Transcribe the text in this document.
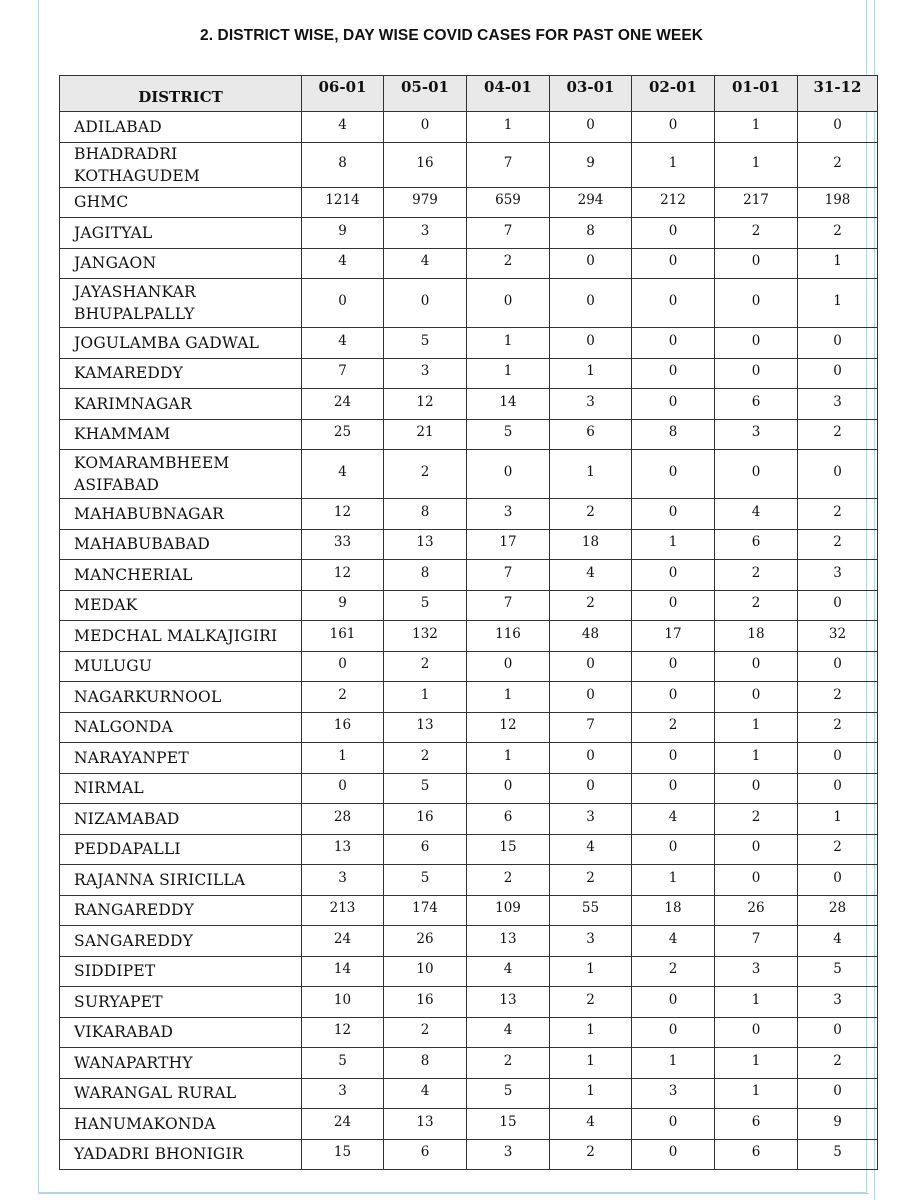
2. DISTRICT WISE, DAY WISE COVID CASES FOR PAST ONE WEEK
DISTRICT	06-01	05-01	04-01	03-01	02-01	01-01	31-12
ADILABAD	4	0	1	0	0	1	0

BHADRADRI KOTHAGUDEM	8	16	7	9	1	1	2

GHMC	1214	979	659	294	212	217	198

JAGITYAL	9	3	7	8	0	2	2

JANGAON	4	4	2	0	0	0	1

JAYASHANKAR BHUPALPALLY	0	0	0	0	0	0	1

JOGULAMBA GADWAL	4	5	1	0	0	0	0

KAMAREDDY	7	3	1	1	0	0	0

KARIMNAGAR	24	12	14	3	0	6	3

KHAMMAM	25	21	5	6	8	3	2

KOMARAMBHEEM ASIFABAD	4	2	0	1	0	0	0

MAHABUBNAGAR	12	8	3	2	0	4	2

MAHABUBABAD	33	13	17	18	1	6	2

MANCHERIAL	12	8	7	4	0	2	3

MEDAK	9	5	7	2	0	2	0

MEDCHAL MALKAJIGIRI	161	132	116	48	17	18	32

MULUGU	0	2	0	0	0	0	0

NAGARKURNOOL	2	1	1	0	0	0	2

NALGONDA	16	13	12	7	2	1	2

NARAYANPET	1	2	1	0	0	1	0

NIRMAL	0	5	0	0	0	0	0

NIZAMABAD	28	16	6	3	4	2	1

PEDDAPALLI	13	6	15	4	0	0	2

RAJANNA SIRICILLA	3	5	2	2	1	0	0

RANGAREDDY	213	174	109	55	18	26	28

SANGAREDDY	24	26	13	3	4	7	4

SIDDIPET	14	10	4	1	2	3	5

SURYAPET	10	16	13	2	0	1	3

VIKARABAD	12	2	4	1	0	0	0

WANAPARTHY	5	8	2	1	1	1	2

WARANGAL RURAL	3	4	5	1	3	1	0

HANUMAKONDA	24	13	15	4	0	6	9

YADADRI BHONIGIR	15	6	3	2	0	6	5
